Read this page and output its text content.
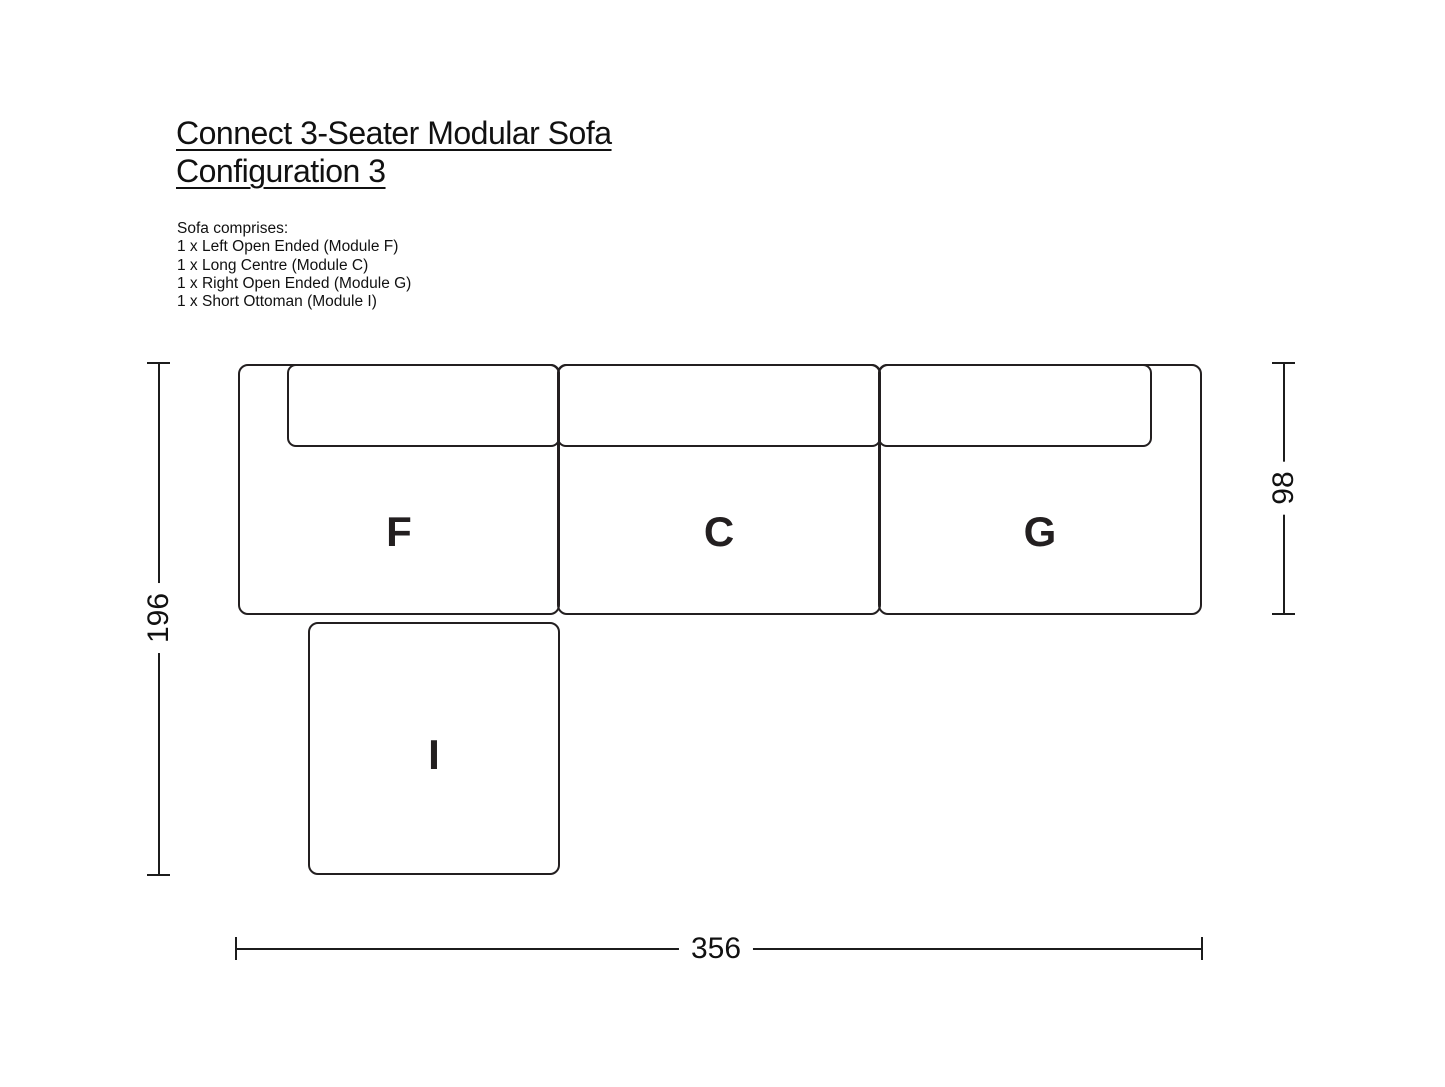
Connect 3-Seater Modular Sofa
Configuration 3
Sofa comprises:
1 x Left Open Ended (Module F)
1 x Long Centre (Module C)
1 x Right Open Ended (Module G)
1 x Short Ottoman (Module I)
F	C	G
I
196
98
356
